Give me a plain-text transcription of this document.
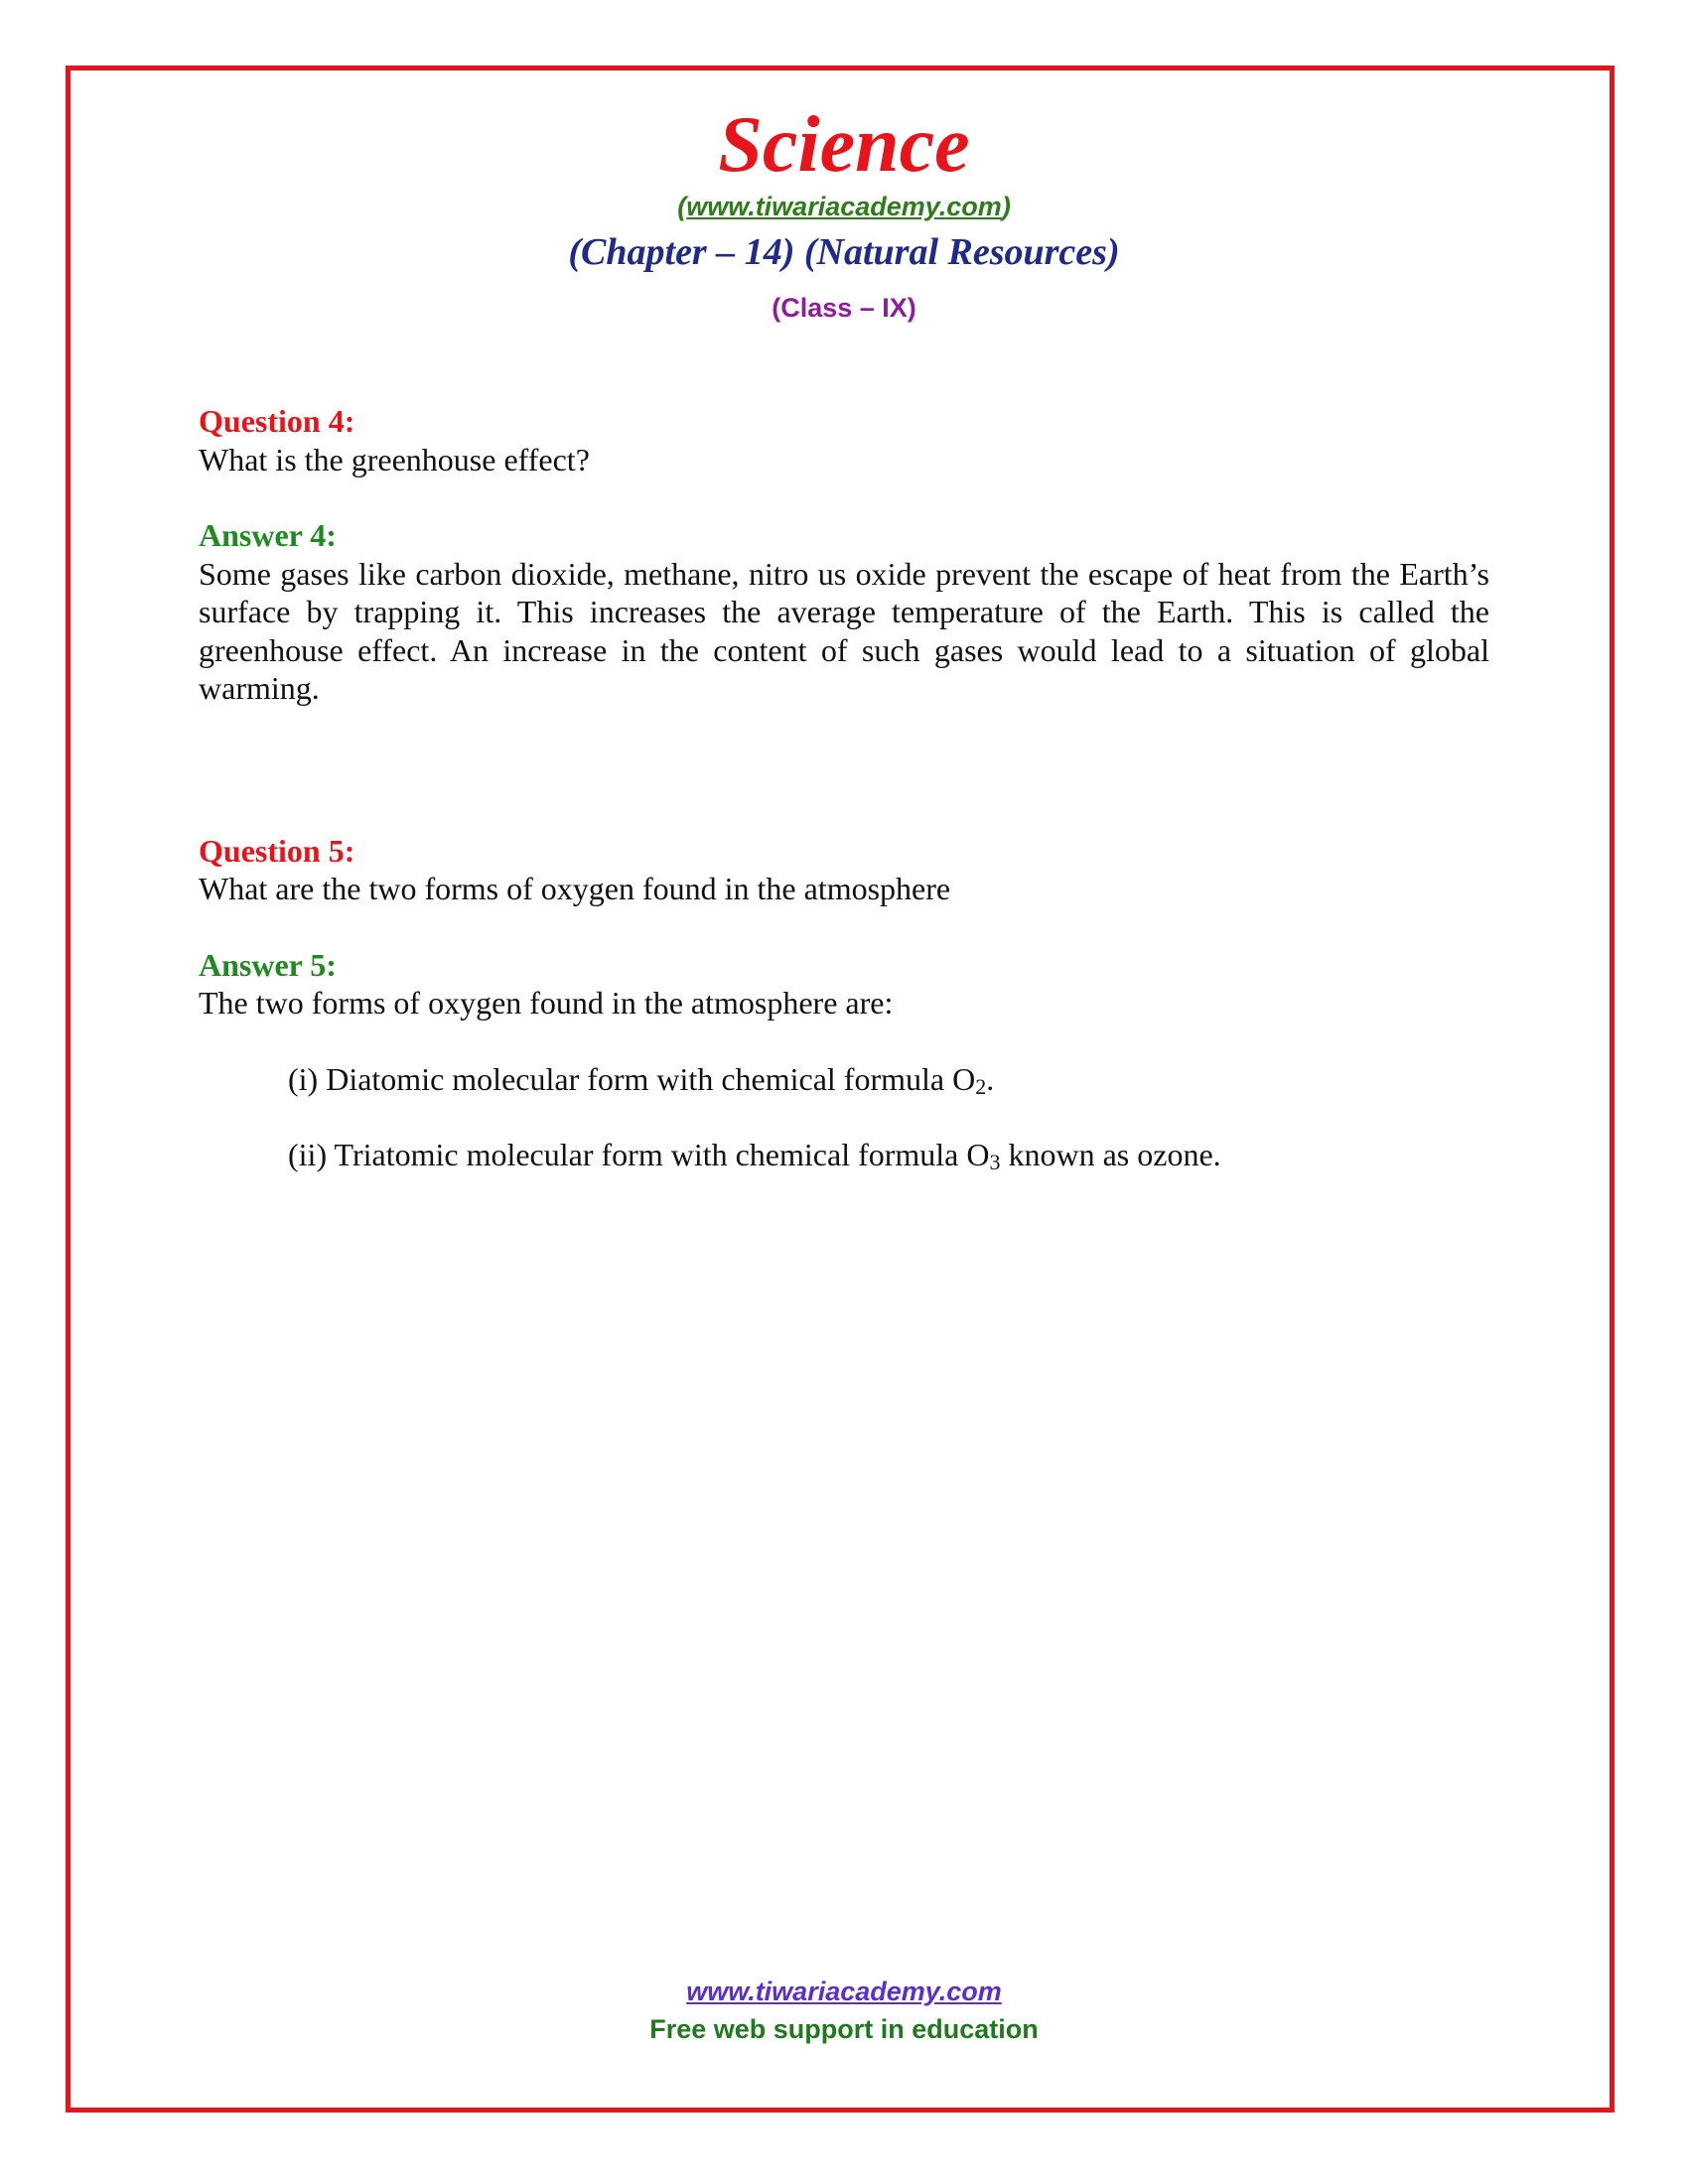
Science
(www.tiwariacademy.com)
(Chapter – 14) (Natural Resources)
(Class – IX)
Question 4:
What is the greenhouse effect?
Answer 4:
Some gases like carbon dioxide, methane, nitro us oxide prevent the escape of heat from the Earth’s surface by trapping it. This increases the average temperature of the Earth. This is called the greenhouse effect. An increase in the content of such gases would lead to a situation of global warming.
Question 5:
What are the two forms of oxygen found in the atmosphere
Answer 5:
The two forms of oxygen found in the atmosphere are:
(i) Diatomic molecular form with chemical formula $O_2$.
(ii) Triatomic molecular form with chemical formula $O_3$ known as ozone.
www.tiwariacademy.com
Free web support in education
